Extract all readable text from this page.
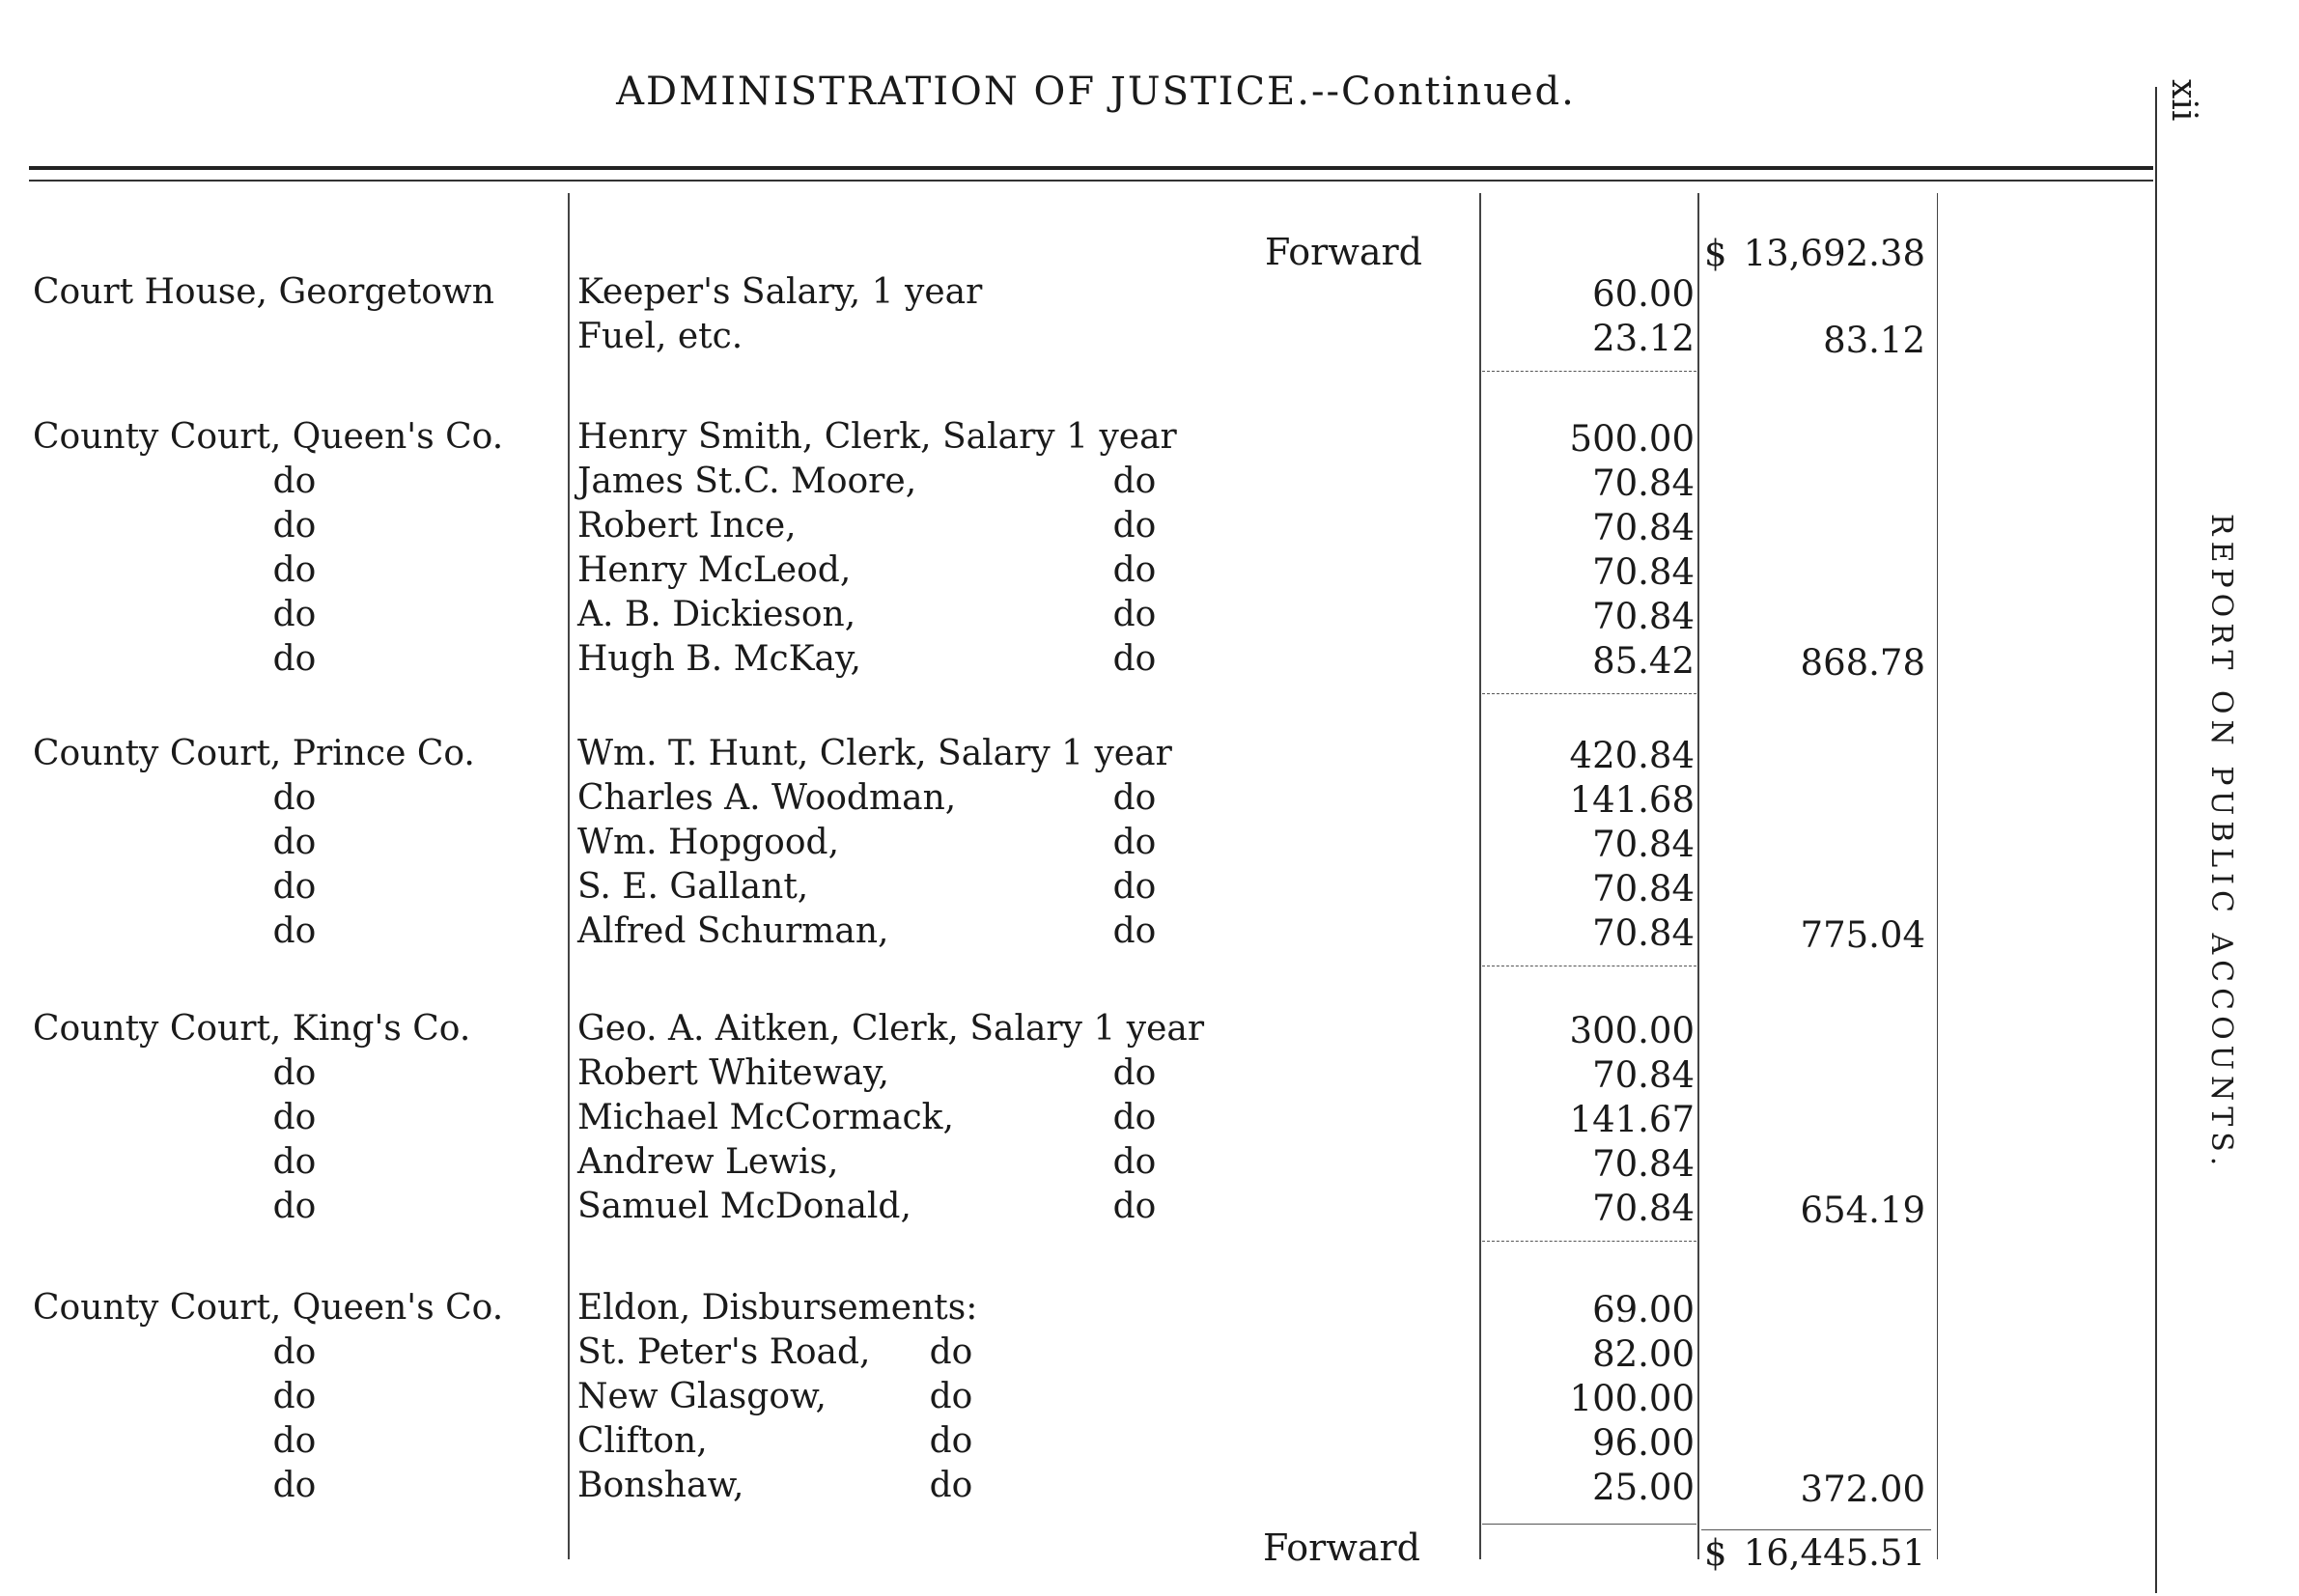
ADMINISTRATION OF JUSTICE.--Continued.	xii
REPORT ON PUBLIC ACCOUNTS.
Forward	$ 13,692.38
Court House, Georgetown	Keeper's Salary, 1 year	60.00
Fuel, etc.	23.12	83.12
County Court, Queen's Co.	Henry Smith, Clerk, Salary 1 year	500.00
do	James St.C. Moore,	do	70.84
do	Robert Ince,	do	70.84
do	Henry McLeod,	do	70.84
do	A. B. Dickieson,	do	70.84
do	Hugh B. McKay,	do	85.42	868.78
County Court, Prince Co.	Wm. T. Hunt, Clerk, Salary 1 year	420.84
do	Charles A. Woodman,	do	141.68
do	Wm. Hopgood,	do	70.84
do	S. E. Gallant,	do	70.84
do	Alfred Schurman,	do	70.84	775.04
County Court, King's Co.	Geo. A. Aitken, Clerk, Salary 1 year	300.00
do	Robert Whiteway,	do	70.84
do	Michael McCormack,	do	141.67
do	Andrew Lewis,	do	70.84
do	Samuel McDonald,	do	70.84	654.19
County Court, Queen's Co.	Eldon, Disbursements:	69.00
do	St. Peter's Road, do	82.00
do	New Glasgow,	do	100.00
do	Clifton,	do	96.00
do	Bonshaw,	do	25.00	372.00
Forward	$ 16,445.51
